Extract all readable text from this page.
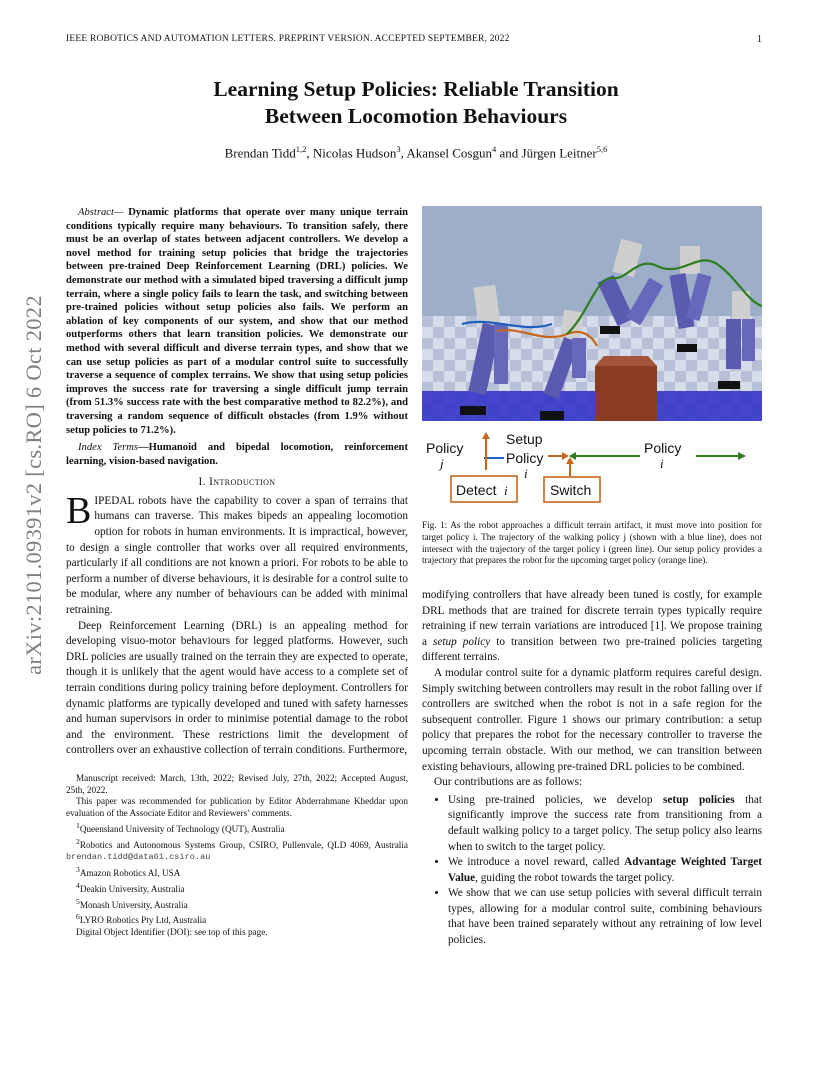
IEEE ROBOTICS AND AUTOMATION LETTERS. PREPRINT VERSION. ACCEPTED SEPTEMBER, 2022	1
arXiv:2101.09391v2 [cs.RO] 6 Oct 2022
Learning Setup Policies: Reliable Transition
Between Locomotion Behaviours
Brendan Tidd$^{1,2}$, Nicolas Hudson$^3$, Akansel Cosgun$^4$ and Jürgen Leitner$^{5,6}$

Abstract— Dynamic platforms that operate over many unique terrain conditions typically require many behaviours. To transition safely, there must be an overlap of states between adjacent controllers. We develop a novel method for training setup policies that bridge the trajectories between pre-trained Deep Reinforcement Learning (DRL) policies. We demonstrate our method with a simulated biped traversing a difficult jump terrain, where a single policy fails to learn the task, and switching between pre-trained policies without setup policies also fails. We perform an ablation of key components of our system, and show that our method outperforms others that learn transition policies. We demonstrate our method with several difficult and diverse terrain types, and show that we can use setup policies as part of a modular control suite to successfully traverse a sequence of complex terrains. We show that using setup policies improves the success rate for traversing a single difficult jump terrain (from 51.3% success rate with the best comparative method to 82.2%), and traversing a random sequence of difficult obstacles (from 1.9% without setup policies to 71.2%).

Index Terms—Humanoid and bipedal locomotion, reinforcement learning, vision-based navigation.

I. Introduction

BIPEDAL robots have the capability to cover a span of terrains that humans can traverse. This makes bipeds an appealing locomotion option for robots in human environments. It is impractical, however, to design a single controller that works over all required environments, particularly if all conditions are not known a priori. For robots to be able to perform a number of diverse behaviours, it is desirable for a control suite to be modular, where any number of behaviours can be added with minimal retraining.

Deep Reinforcement Learning (DRL) is an appealing method for developing visuo-motor behaviours for legged platforms. However, such DRL policies are usually trained on the terrain they are expected to operate, though it is unlikely that the agent would have access to a complete set of terrain conditions during policy training before deployment. Controllers for dynamic platforms are typically developed and tuned with safety harnesses and human supervisors in order to minimise potential damage to the robot and the environment. These restrictions limit the development of controllers over an exhaustive collection of terrain conditions. Furthermore,

Manuscript received: March, 13th, 2022; Revised July, 27th, 2022; Accepted August, 25th, 2022.

This paper was recommended for publication by Editor Abderrahmane Kheddar upon evaluation of the Associate Editor and Reviewers’ comments.

$^1$Queensland University of Technology (QUT), Australia

$^2$Robotics and Autonomous Systems Group, CSIRO, Pullenvale, QLD 4069, Australia brendan.tidd@data61.csiro.au

$^3$Amazon Robotics AI, USA

$^4$Deakin University, Australia

$^5$Monash University, Australia

$^6$LYRO Robotics Pty Ltd, Australia

Digital Object Identifier (DOI): see top of this page.

Policy
j
Setup
Policy
i
Policy
i
Detect i	Switch
Fig. 1: As the robot approaches a difficult terrain artifact, it must move into position for target policy i. The trajectory of the walking policy j (shown with a blue line), does not intersect with the trajectory of the target policy i (green line). Our setup policy provides a trajectory that prepares the robot for the upcoming target policy (orange line).

modifying controllers that have already been tuned is costly, for example DRL methods that are trained for discrete terrain types typically require retraining if new terrain variations are introduced [1]. We propose training a setup policy to transition between two pre-trained policies targeting different terrains.

A modular control suite for a dynamic platform requires careful design. Simply switching between controllers may result in the robot falling over if controllers are switched when the robot is not in a safe region for the subsequent controller. Figure 1 shows our primary contribution: a setup policy that prepares the robot for the necessary controller to traverse the upcoming terrain obstacle. With our method, we can transition between existing behaviours, allowing pre-trained DRL policies to be combined.

Our contributions are as follows:

• Using pre-trained policies, we develop setup policies that significantly improve the success rate from transitioning from a default walking policy to a target policy. The setup policy also learns when to switch to the target policy.
• We introduce a novel reward, called Advantage Weighted Target Value, guiding the robot towards the target policy.
• We show that we can use setup policies with several difficult terrain types, allowing for a modular control suite, combining behaviours that have been trained separately without any retraining of low level policies.
